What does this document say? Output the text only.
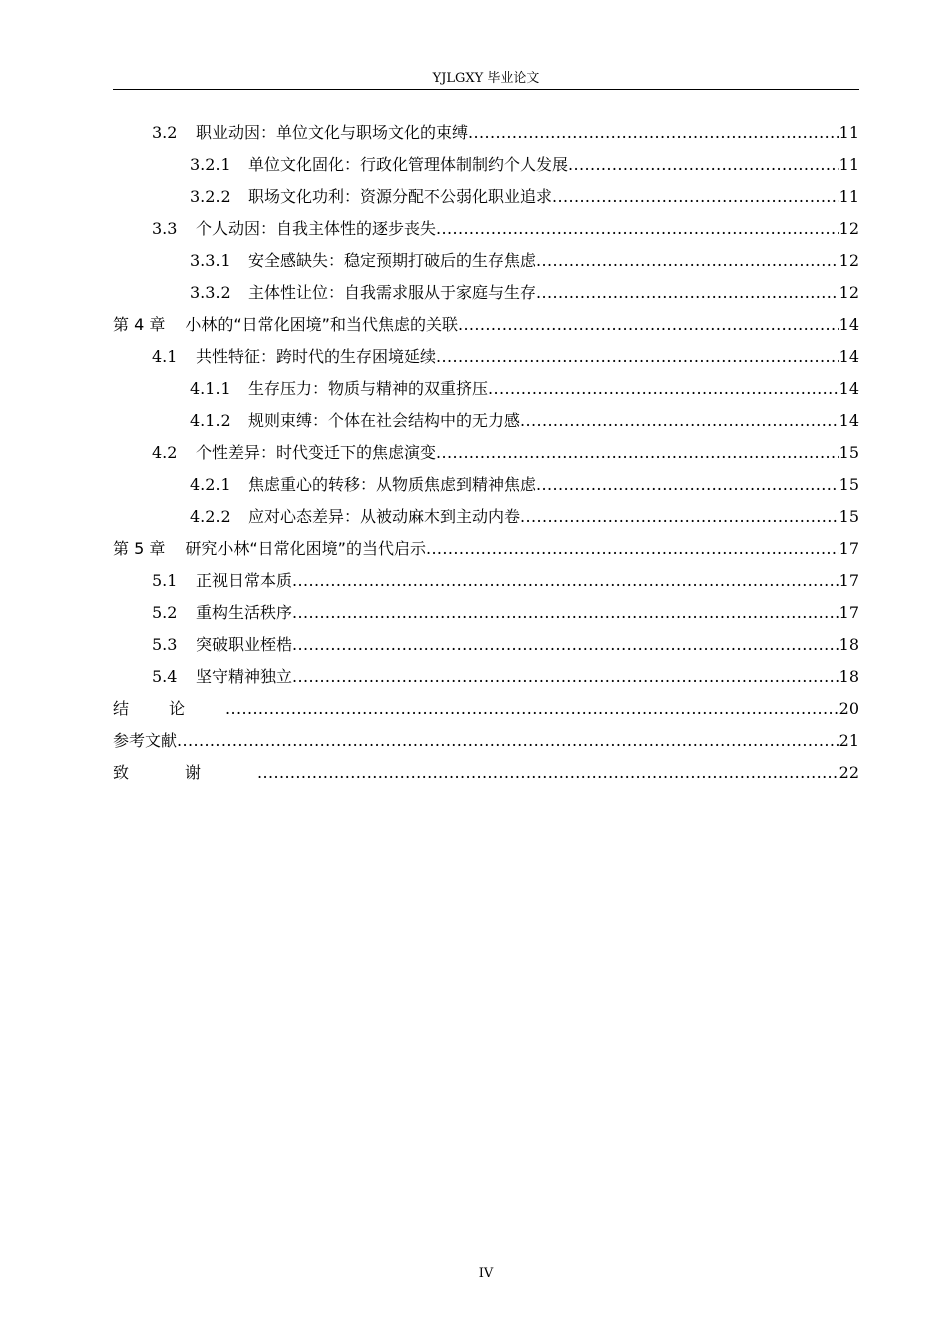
YJLGXY 毕业论文
3.2	职业动因：单位文化与职场文化的束缚 .....	11
3.2.1	单位文化固化：行政化管理体制制约个人发展 .....	11
3.2.2	职场文化功利：资源分配不公弱化职业追求 .....	11
3.3	个人动因：自我主体性的逐步丧失 .....	12
3.3.1	安全感缺失：稳定预期打破后的生存焦虑 .....	12
3.3.2	主体性让位：自我需求服从于家庭与生存 .....	12
第 4 章 小林的“日常化困境”和当代焦虑的关联 .....	14
4.1	共性特征：跨时代的生存困境延续 .....	14
4.1.1	生存压力：物质与精神的双重挤压 .....	14
4.1.2	规则束缚：个体在社会结构中的无力感 .....	14
4.2	个性差异：时代变迁下的焦虑演变 .....	15
4.2.1	焦虑重心的转移：从物质焦虑到精神焦虑 .....	15
4.2.2	应对心态差异：从被动麻木到主动内卷 .....	15
第 5 章 研究小林“日常化困境”的当代启示 .....	17
5.1	正视日常本质 .....	17
5.2	重构生活秩序 .....	17
5.3	突破职业桎梏 .....	18
5.4	坚守精神独立 .....	18
结论 .....	20
参考文献 .....	21
致谢 .....	22
IV
